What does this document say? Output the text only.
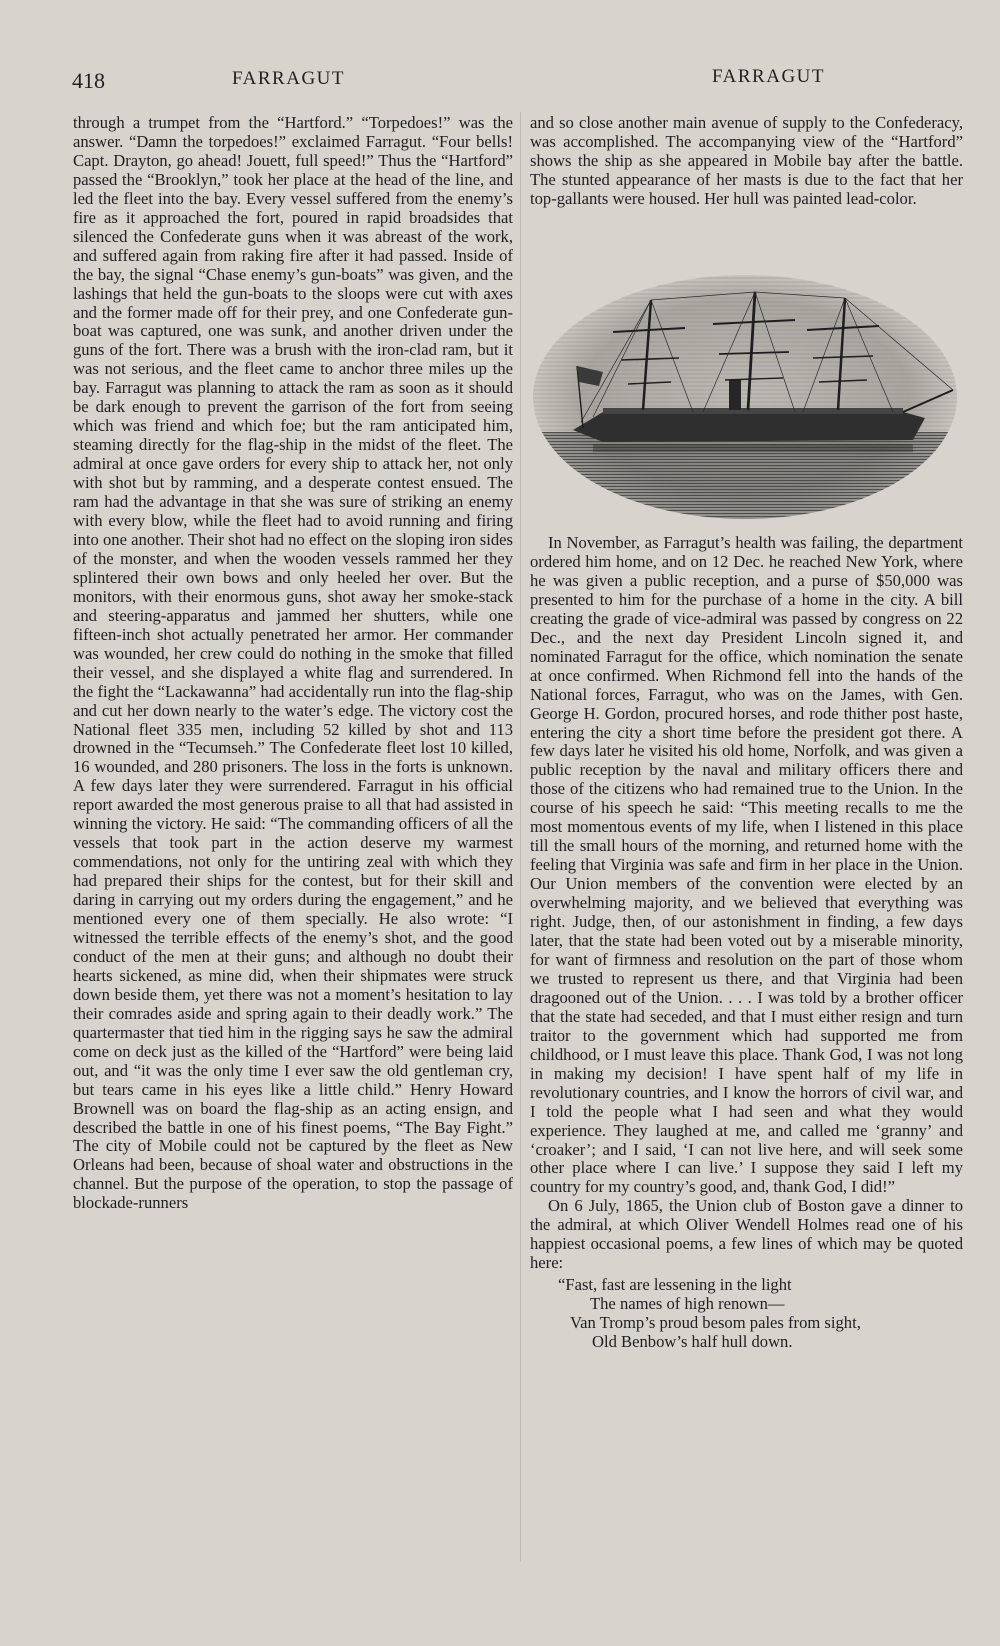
418	FARRAGUT	FARRAGUT

through a trumpet from the “Hartford.” “Torpedoes!” was the answer. “Damn the torpedoes!” exclaimed Farragut. “Four bells! Capt. Drayton, go ahead! Jouett, full speed!” Thus the “Hartford” passed the “Brooklyn,” took her place at the head of the line, and led the fleet into the bay. Every vessel suffered from the enemy’s fire as it approached the fort, poured in rapid broadsides that silenced the Confederate guns when it was abreast of the work, and suffered again from raking fire after it had passed. Inside of the bay, the signal “Chase enemy’s gun-boats” was given, and the lashings that held the gun-boats to the sloops were cut with axes and the former made off for their prey, and one Confederate gun-boat was captured, one was sunk, and another driven under the guns of the fort. There was a brush with the iron-clad ram, but it was not serious, and the fleet came to anchor three miles up the bay. Farragut was planning to attack the ram as soon as it should be dark enough to prevent the garrison of the fort from seeing which was friend and which foe; but the ram anticipated him, steaming directly for the flag-ship in the midst of the fleet. The admiral at once gave orders for every ship to attack her, not only with shot but by ramming, and a desperate contest ensued. The ram had the advantage in that she was sure of striking an enemy with every blow, while the fleet had to avoid running and firing into one another. Their shot had no effect on the sloping iron sides of the monster, and when the wooden vessels rammed her they splintered their own bows and only heeled her over. But the monitors, with their enormous guns, shot away her smoke-stack and steering-apparatus and jammed her shutters, while one fifteen-inch shot actually penetrated her armor. Her commander was wounded, her crew could do nothing in the smoke that filled their vessel, and she displayed a white flag and surrendered. In the fight the “Lackawanna” had accidentally run into the flag-ship and cut her down nearly to the water’s edge. The victory cost the National fleet 335 men, including 52 killed by shot and 113 drowned in the “Tecumseh.” The Confederate fleet lost 10 killed, 16 wounded, and 280 prisoners. The loss in the forts is unknown. A few days later they were surrendered. Farragut in his official report awarded the most generous praise to all that had assisted in winning the victory. He said: “The commanding officers of all the vessels that took part in the action deserve my warmest commendations, not only for the untiring zeal with which they had prepared their ships for the contest, but for their skill and daring in carrying out my orders during the engagement,” and he mentioned every one of them specially. He also wrote: “I witnessed the terrible effects of the enemy’s shot, and the good conduct of the men at their guns; and although no doubt their hearts sickened, as mine did, when their shipmates were struck down beside them, yet there was not a moment’s hesitation to lay their comrades aside and spring again to their deadly work.” The quartermaster that tied him in the rigging says he saw the admiral come on deck just as the killed of the “Hartford” were being laid out, and “it was the only time I ever saw the old gentleman cry, but tears came in his eyes like a little child.” Henry Howard Brownell was on board the flag-ship as an acting ensign, and described the battle in one of his finest poems, “The Bay Fight.” The city of Mobile could not be captured by the fleet as New Orleans had been, because of shoal water and obstructions in the channel. But the purpose of the operation, to stop the passage of blockade-runners

and so close another main avenue of supply to the Confederacy, was accomplished. The accompanying view of the “Hartford” shows the ship as she appeared in Mobile bay after the battle. The stunted appearance of her masts is due to the fact that her top-gallants were housed. Her hull was painted lead-color.

In November, as Farragut’s health was failing, the department ordered him home, and on 12 Dec. he reached New York, where he was given a public reception, and a purse of $50,000 was presented to him for the purchase of a home in the city. A bill creating the grade of vice-admiral was passed by congress on 22 Dec., and the next day President Lincoln signed it, and nominated Farragut for the office, which nomination the senate at once confirmed. When Richmond fell into the hands of the National forces, Farragut, who was on the James, with Gen. George H. Gordon, procured horses, and rode thither post haste, entering the city a short time before the president got there. A few days later he visited his old home, Norfolk, and was given a public reception by the naval and military officers there and those of the citizens who had remained true to the Union. In the course of his speech he said: “This meeting recalls to me the most momentous events of my life, when I listened in this place till the small hours of the morning, and returned home with the feeling that Virginia was safe and firm in her place in the Union. Our Union members of the convention were elected by an overwhelming majority, and we believed that everything was right. Judge, then, of our astonishment in finding, a few days later, that the state had been voted out by a miserable minority, for want of firmness and resolution on the part of those whom we trusted to represent us there, and that Virginia had been dragooned out of the Union. . . . I was told by a brother officer that the state had seceded, and that I must either resign and turn traitor to the government which had supported me from childhood, or I must leave this place. Thank God, I was not long in making my decision! I have spent half of my life in revolutionary countries, and I know the horrors of civil war, and I told the people what I had seen and what they would experience. They laughed at me, and called me ‘granny’ and ‘croaker’; and I said, ‘I can not live here, and will seek some other place where I can live.’ I suppose they said I left my country for my country’s good, and, thank God, I did!”

On 6 July, 1865, the Union club of Boston gave a dinner to the admiral, at which Oliver Wendell Holmes read one of his happiest occasional poems, a few lines of which may be quoted here:

“Fast, fast are lessening in the light
The names of high renown—
Van Tromp’s proud besom pales from sight,
Old Benbow’s half hull down.
